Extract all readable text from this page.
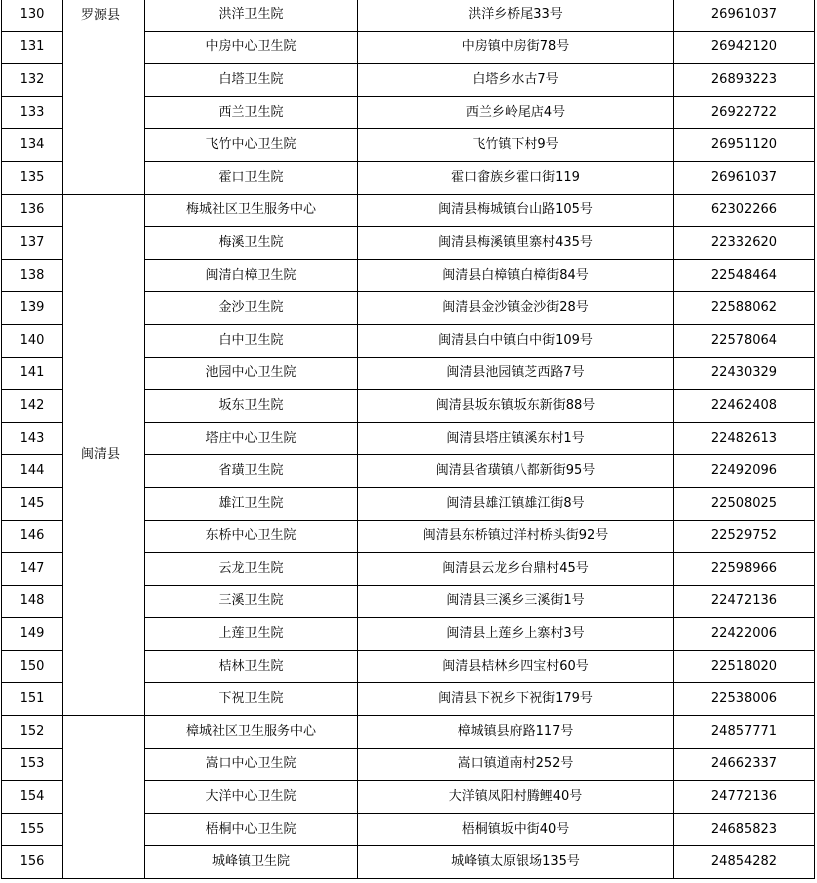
130	罗源县	洪洋卫生院	洪洋乡桥尾33号	26961037
131		中房中心卫生院	中房镇中房街78号	26942120
132		白塔卫生院	白塔乡水古7号	26893223
133		西兰卫生院	西兰乡岭尾店4号	26922722
134		飞竹中心卫生院	飞竹镇下村9号	26951120
135		霍口卫生院	霍口畲族乡霍口街119	26961037
136	闽清县	梅城社区卫生服务中心	闽清县梅城镇台山路105号	62302266
137		梅溪卫生院	闽清县梅溪镇里寨村435号	22332620
138		闽清白樟卫生院	闽清县白樟镇白樟街84号	22548464
139		金沙卫生院	闽清县金沙镇金沙街28号	22588062
140		白中卫生院	闽清县白中镇白中街109号	22578064
141		池园中心卫生院	闽清县池园镇芝西路7号	22430329
142		坂东卫生院	闽清县坂东镇坂东新街88号	22462408
143		塔庄中心卫生院	闽清县塔庄镇溪东村1号	22482613
144		省璜卫生院	闽清县省璜镇八都新街95号	22492096
145		雄江卫生院	闽清县雄江镇雄江街8号	22508025
146		东桥中心卫生院	闽清县东桥镇过洋村桥头街92号	22529752
147		云龙卫生院	闽清县云龙乡台鼎村45号	22598966
148		三溪卫生院	闽清县三溪乡三溪街1号	22472136
149		上莲卫生院	闽清县上莲乡上寨村3号	22422006
150		桔林卫生院	闽清县桔林乡四宝村60号	22518020
151		下祝卫生院	闽清县下祝乡下祝街179号	22538006
152		樟城社区卫生服务中心	樟城镇县府路117号	24857771
153		嵩口中心卫生院	嵩口镇道南村252号	24662337
154		大洋中心卫生院	大洋镇凤阳村腾鲤40号	24772136
155		梧桐中心卫生院	梧桐镇坂中街40号	24685823
156		城峰镇卫生院	城峰镇太原银场135号	24854282
